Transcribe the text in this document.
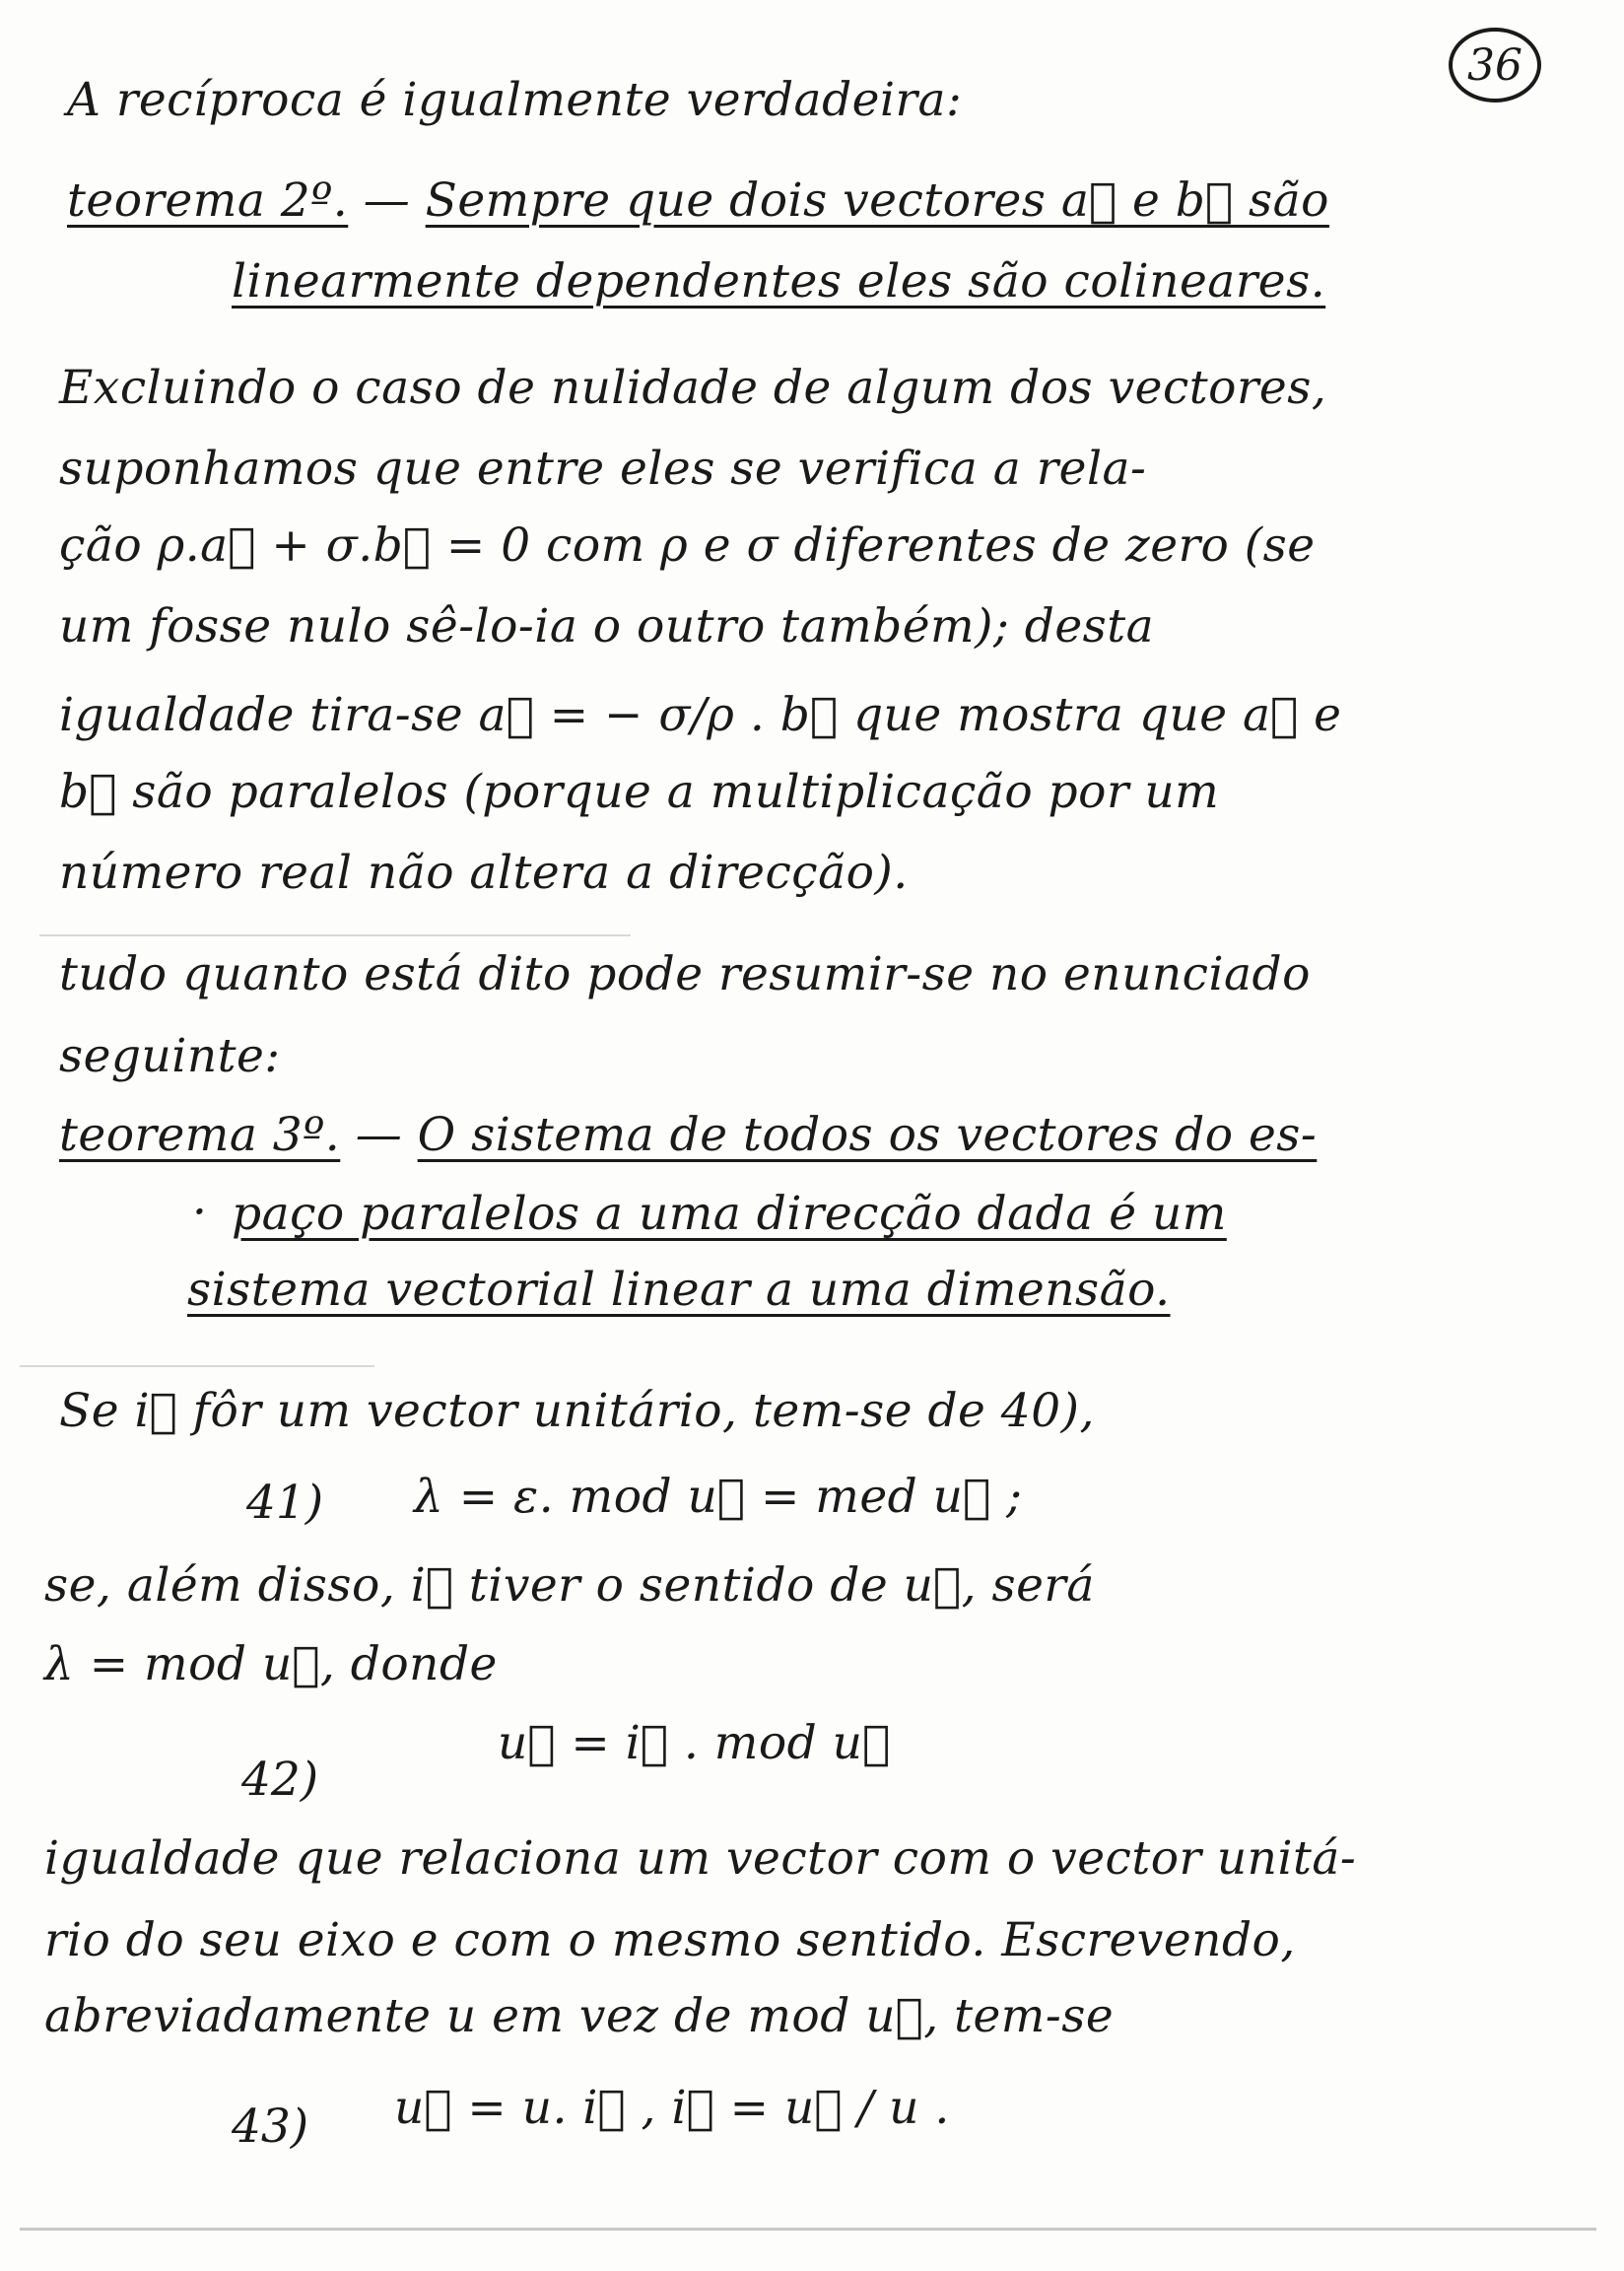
36
A recíproca é igualmente verdadeira:
teorema 2º. — Sempre que dois vectores a⃗ e b⃗ são
linearmente dependentes eles são colineares.
Excluindo o caso de nulidade de algum dos vectores,
suponhamos que entre eles se verifica a rela-
ção ρ.a⃗ + σ.b⃗ = 0 com ρ e σ diferentes de zero (se
um fosse nulo sê-lo-ia o outro também); desta
igualdade tira-se a⃗ = − σ/ρ . b⃗ que mostra que a⃗ e
b⃗ são paralelos (porque a multiplicação por um
número real não altera a direcção).
tudo quanto está dito pode resumir-se no enunciado
seguinte:
teorema 3º. — O sistema de todos os vectores do es-
· paço paralelos a uma direcção dada é um
sistema vectorial linear a uma dimensão.
Se i⃗ fôr um vector unitário, tem-se de 40),
41) λ = ε. mod u⃗ = med u⃗ ;
se, além disso, i⃗ tiver o sentido de u⃗, será
λ = mod u⃗, donde
42)
u⃗ = i⃗ . mod u⃗
igualdade que relaciona um vector com o vector unitá-
rio do seu eixo e com o mesmo sentido. Escrevendo,
abreviadamente u em vez de mod u⃗, tem-se
43) u⃗ = u. i⃗ , i⃗ = u⃗ / u .
